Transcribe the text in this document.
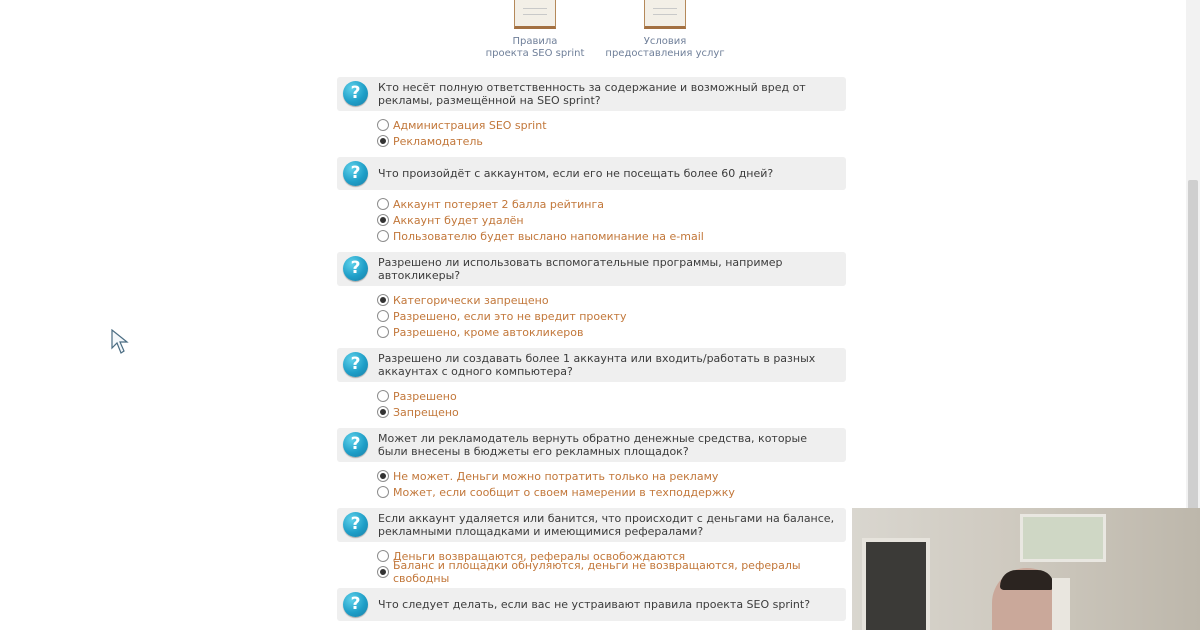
Правила
проекта SEO sprint
Условия
предоставления услуг
?	Кто несёт полную ответственность за содержание и возможный вред от рекламы, размещённой на SEO sprint?
Администрация SEO sprint
Рекламодатель
?	Что произойдёт с аккаунтом, если его не посещать более 60 дней?
Аккаунт потеряет 2 балла рейтинга
Аккаунт будет удалён
Пользователю будет выслано напоминание на e-mail
?	Разрешено ли использовать вспомогательные программы, например автокликеры?
Категорически запрещено
Разрешено, если это не вредит проекту
Разрешено, кроме автокликеров
?	Разрешено ли создавать более 1 аккаунта или входить/работать в разных аккаунтах с одного компьютера?
Разрешено
Запрещено
?	Может ли рекламодатель вернуть обратно денежные средства, которые были внесены в бюджеты его рекламных площадок?
Не может. Деньги можно потратить только на рекламу
Может, если сообщит о своем намерении в техподдержку
?	Если аккаунт удаляется или банится, что происходит с деньгами на балансе, рекламными площадками и имеющимися рефералами?
Деньги возвращаются, рефералы освобождаются
Баланс и площадки обнуляются, деньги не возвращаются, рефералы свободны
?	Что следует делать, если вас не устраивают правила проекта SEO sprint?
